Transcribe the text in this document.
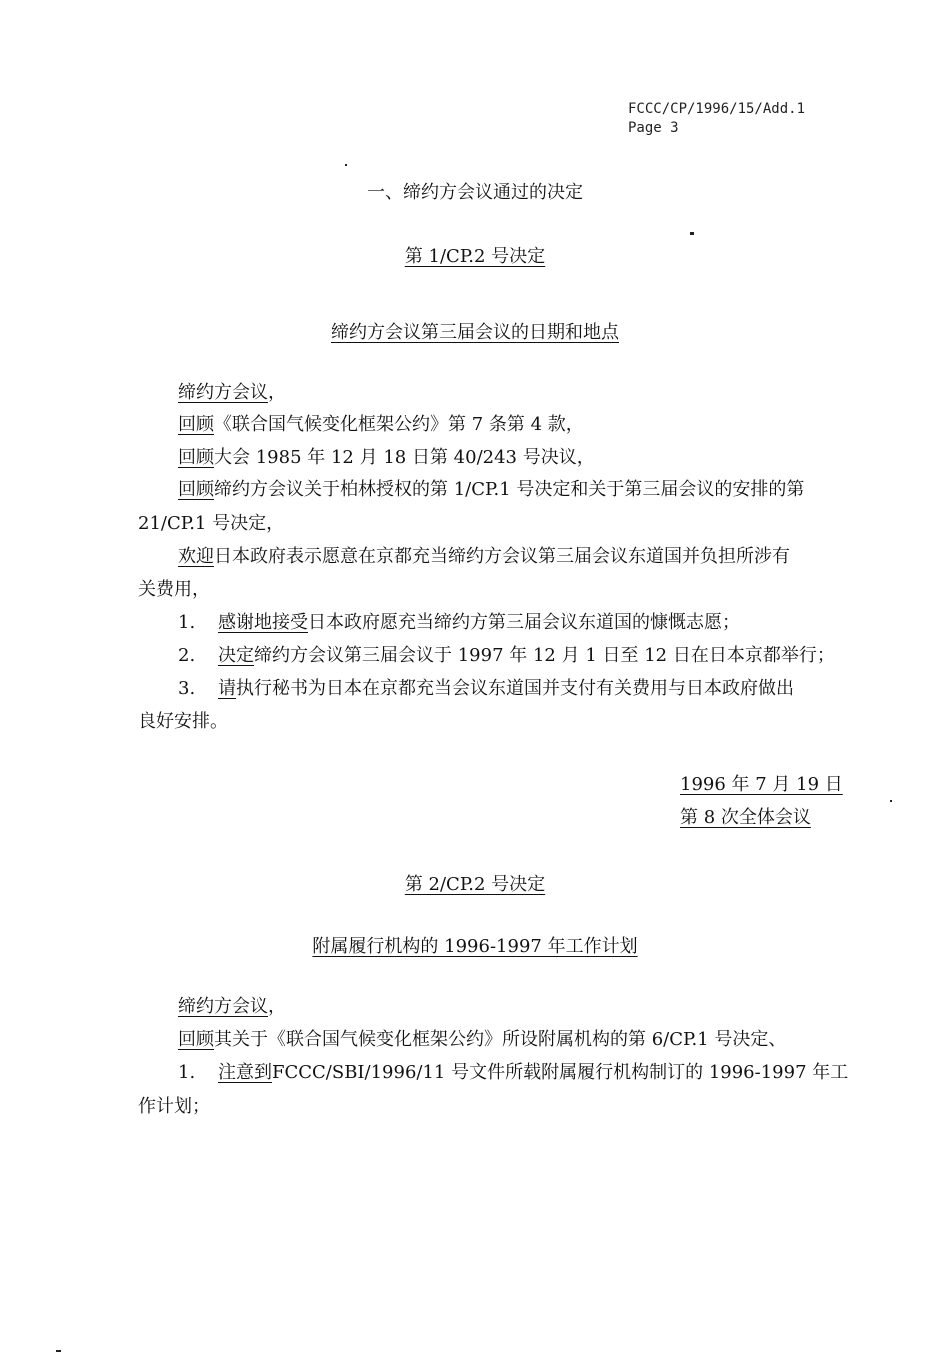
FCCC/CP/1996/15/Add.1
Page 3
一、缔约方会议通过的决定
第 1/CP.2 号决定
缔约方会议第三届会议的日期和地点
缔约方会议，
回顾《联合国气候变化框架公约》第 7 条第 4 款，
回顾大会 1985 年 12 月 18 日第 40/243 号决议，
回顾缔约方会议关于柏林授权的第 1/CP.1 号决定和关于第三届会议的安排的第
21/CP.1 号决定，
欢迎日本政府表示愿意在京都充当缔约方会议第三届会议东道国并负担所涉有
关费用，
1. 感谢地接受日本政府愿充当缔约方第三届会议东道国的慷慨志愿；
2. 决定缔约方会议第三届会议于 1997 年 12 月 1 日至 12 日在日本京都举行；
3. 请执行秘书为日本在京都充当会议东道国并支付有关费用与日本政府做出
良好安排。
1996 年 7 月 19 日
第 8 次全体会议
第 2/CP.2 号决定
附属履行机构的 1996-1997 年工作计划
缔约方会议，
回顾其关于《联合国气候变化框架公约》所设附属机构的第 6/CP.1 号决定、
1. 注意到FCCC/SBI/1996/11 号文件所载附属履行机构制订的 1996-1997 年工
作计划；
